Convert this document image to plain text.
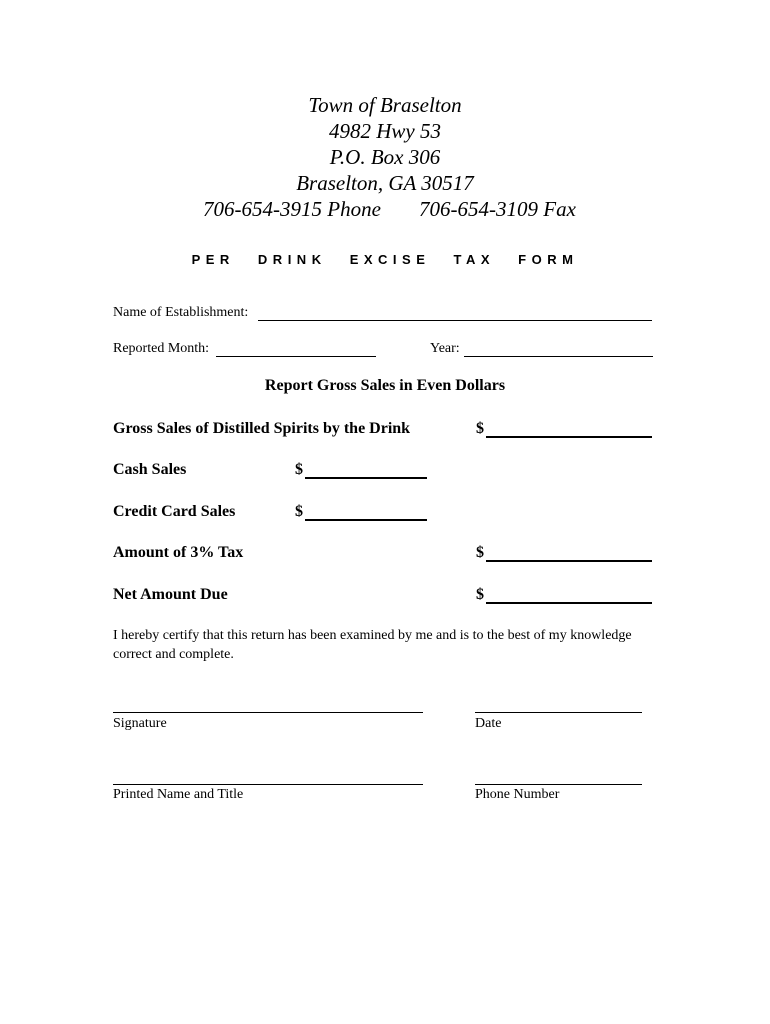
Town of Braselton
4982 Hwy 53
P.O. Box 306
Braselton, GA 30517
706-654-3915 Phone 706-654-3109 Fax
PER DRINK EXCISE TAX FORM
Name of Establishment:
Reported Month:	Year:
Report Gross Sales in Even Dollars
Gross Sales of Distilled Spirits by the Drink	$
Cash Sales	$
Credit Card Sales	$
Amount of 3% Tax	$
Net Amount Due	$
I hereby certify that this return has been examined by me and is to the best of my knowledge correct and complete.
Signature	Date
Printed Name and Title	Phone Number
